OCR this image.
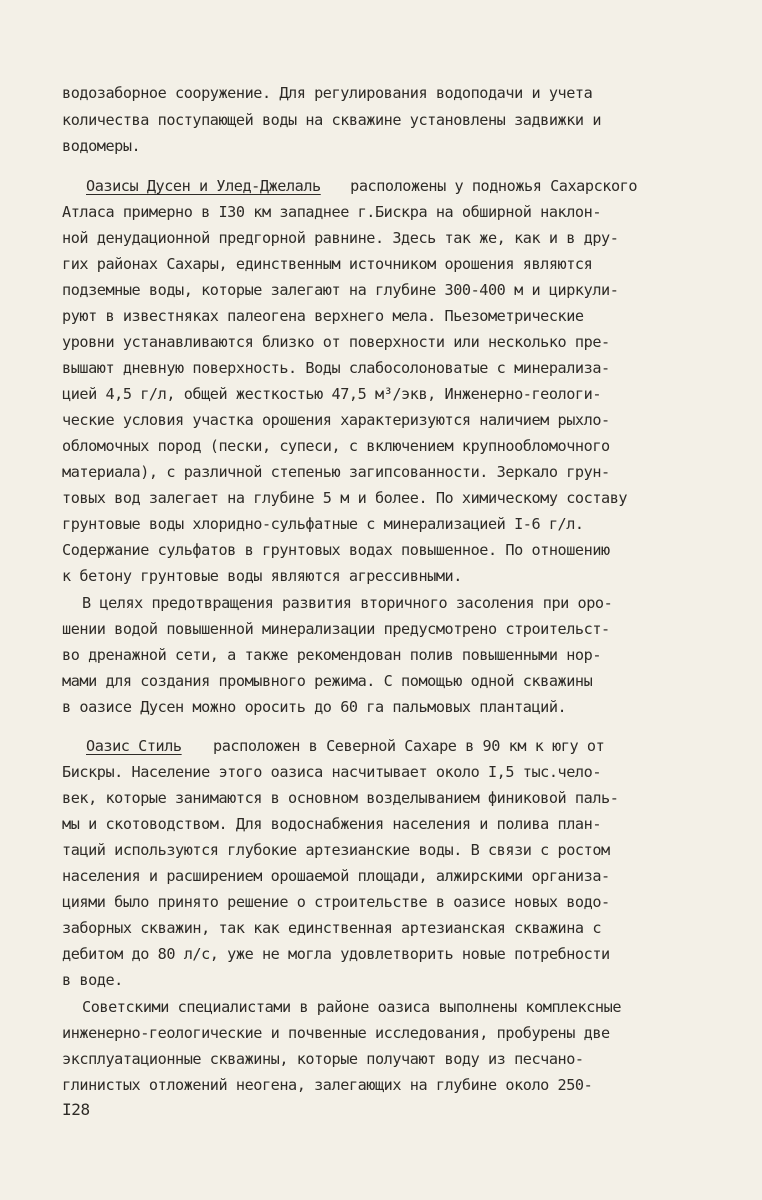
водозаборное сооружение. Для регулирования водоподачи и учета
количества поступающей воды на скважине установлены задвижки и
водомеры.
Оазисы Дусен и Улед-Джелаль расположены у подножья Сахарского
Атласа примерно в I30 км западнее г.Бискра на обширной наклон-
ной денудационной предгорной равнине. Здесь так же, как и в дру-
гих районах Сахары, единственным источником орошения являются
подземные воды, которые залегают на глубине 300-400 м и циркули-
руют в известняках палеогена верхнего мела. Пьезометрические
уровни устанавливаются близко от поверхности или несколько пре-
вышают дневную поверхность. Воды слабосолоноватые с минерализа-
цией 4,5 г/л, общей жесткостью 47,5 м³/экв, Инженерно-геологи-
ческие условия участка орошения характеризуются наличием рыхло-
обломочных пород (пески, супеси, с включением крупнообломочного
материала), с различной степенью загипсованности. Зеркало грун-
товых вод залегает на глубине 5 м и более. По химическому составу
грунтовые воды хлоридно-сульфатные с минерализацией I-6 г/л.
Содержание сульфатов в грунтовых водах повышенное. По отношению
к бетону грунтовые воды являются агрессивными.
В целях предотвращения развития вторичного засоления при оро-
шении водой повышенной минерализации предусмотрено строительст-
во дренажной сети, а также рекомендован полив повышенными нор-
мами для создания промывного режима. С помощью одной скважины
в оазисе Дусен можно оросить до 60 га пальмовых плантаций.
Оазис Стиль расположен в Северной Сахаре в 90 км к югу от
Бискры. Население этого оазиса насчитывает около I,5 тыс.чело-
век, которые занимаются в основном возделыванием финиковой паль-
мы и скотоводством. Для водоснабжения населения и полива план-
таций используются глубокие артезианские воды. В связи с ростом
населения и расширением орошаемой площади, алжирскими организа-
циями было принято решение о строительстве в оазисе новых водо-
заборных скважин, так как единственная артезианская скважина с
дебитом до 80 л/с, уже не могла удовлетворить новые потребности
в воде.
Советскими специалистами в районе оазиса выполнены комплексные
инженерно-геологические и почвенные исследования, пробурены две
эксплуатационные скважины, которые получают воду из песчано-
глинистых отложений неогена, залегающих на глубине около 250-
I28
